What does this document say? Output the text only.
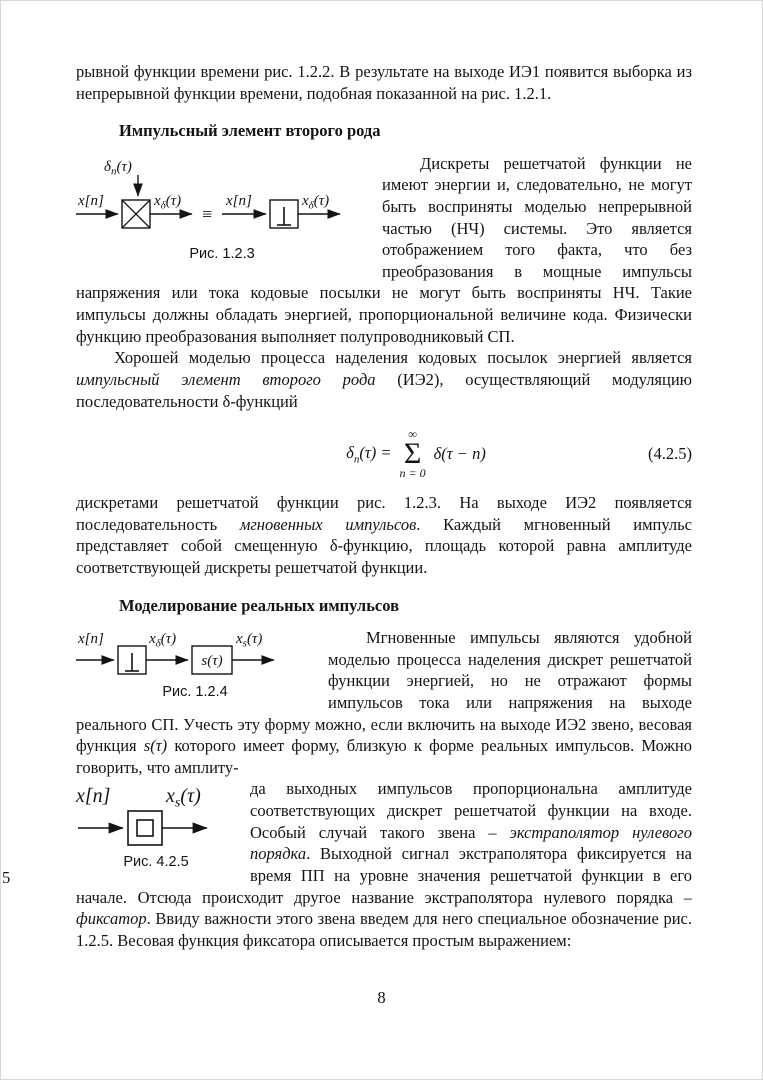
5

рывной функции времени рис. 1.2.2. В результате на выходе ИЭ1 появится выборка из непрерывной функции времени, подобная показанной на рис. 1.2.1.

Импульсный элемент второго рода
$\delta_n(\tau)$
x[n]	$x_\delta(\tau)$
≡
x[n]	$x_\delta(\tau)$
Рис. 1.2.3

Дискреты решетчатой функции не имеют энергии и, следовательно, не могут быть восприняты моделью непрерывной частью (НЧ) системы. Это является отображением того факта, что без преобразования в мощные импульсы напряжения или тока кодовые посылки не могут быть восприняты НЧ. Такие импульсы должны обладать энергией, пропорциональной величине кода. Физически функцию преобразования выполняет полупроводниковый СП.

Хорошей моделью процесса наделения кодовых посылок энергией является импульсный элемент второго рода (ИЭ2), осуществляющий модуляцию последовательности δ-функций

$\delta_n(\tau)$ =
∞
Σ
n = 0
δ(τ − n)	(4.2.5)

дискретами решетчатой функции рис. 1.2.3. На выходе ИЭ2 появляется последовательность мгновенных импульсов. Каждый мгновенный импульс представляет собой смещенную δ-функцию, площадь которой равна амплитуде соответствующей дискреты решетчатой функции.

Моделирование реальных импульсов
x[n]	$x_\delta(\tau)$
s(τ)
$x_s(\tau)$
Рис. 1.2.4

Мгновенные импульсы являются удобной моделью процесса наделения дискрет решетчатой функции энергией, но не отражают формы импульсов тока или напряжения на выходе реального СП. Учесть эту форму можно, если включить на выходе ИЭ2 звено, весовая функция s(τ) которого имеет форму, близкую к форме реальных импульсов. Можно говорить, что амплиту-

x[n]	$x_s(\tau)$
Рис. 4.2.5

да выходных импульсов пропорциональна амплитуде соответствующих дискрет решетчатой функции на входе. Особый случай такого звена – экстраполятор нулевого порядка. Выходной сигнал экстраполятора фиксируется на время ПП на уровне значения решетчатой функции в его начале. Отсюда происходит другое название экстраполятора нулевого порядка – фиксатор. Ввиду важности этого звена введем для него специальное обозначение рис. 1.2.5. Весовая функция фиксатора описывается простым выражением:

8
